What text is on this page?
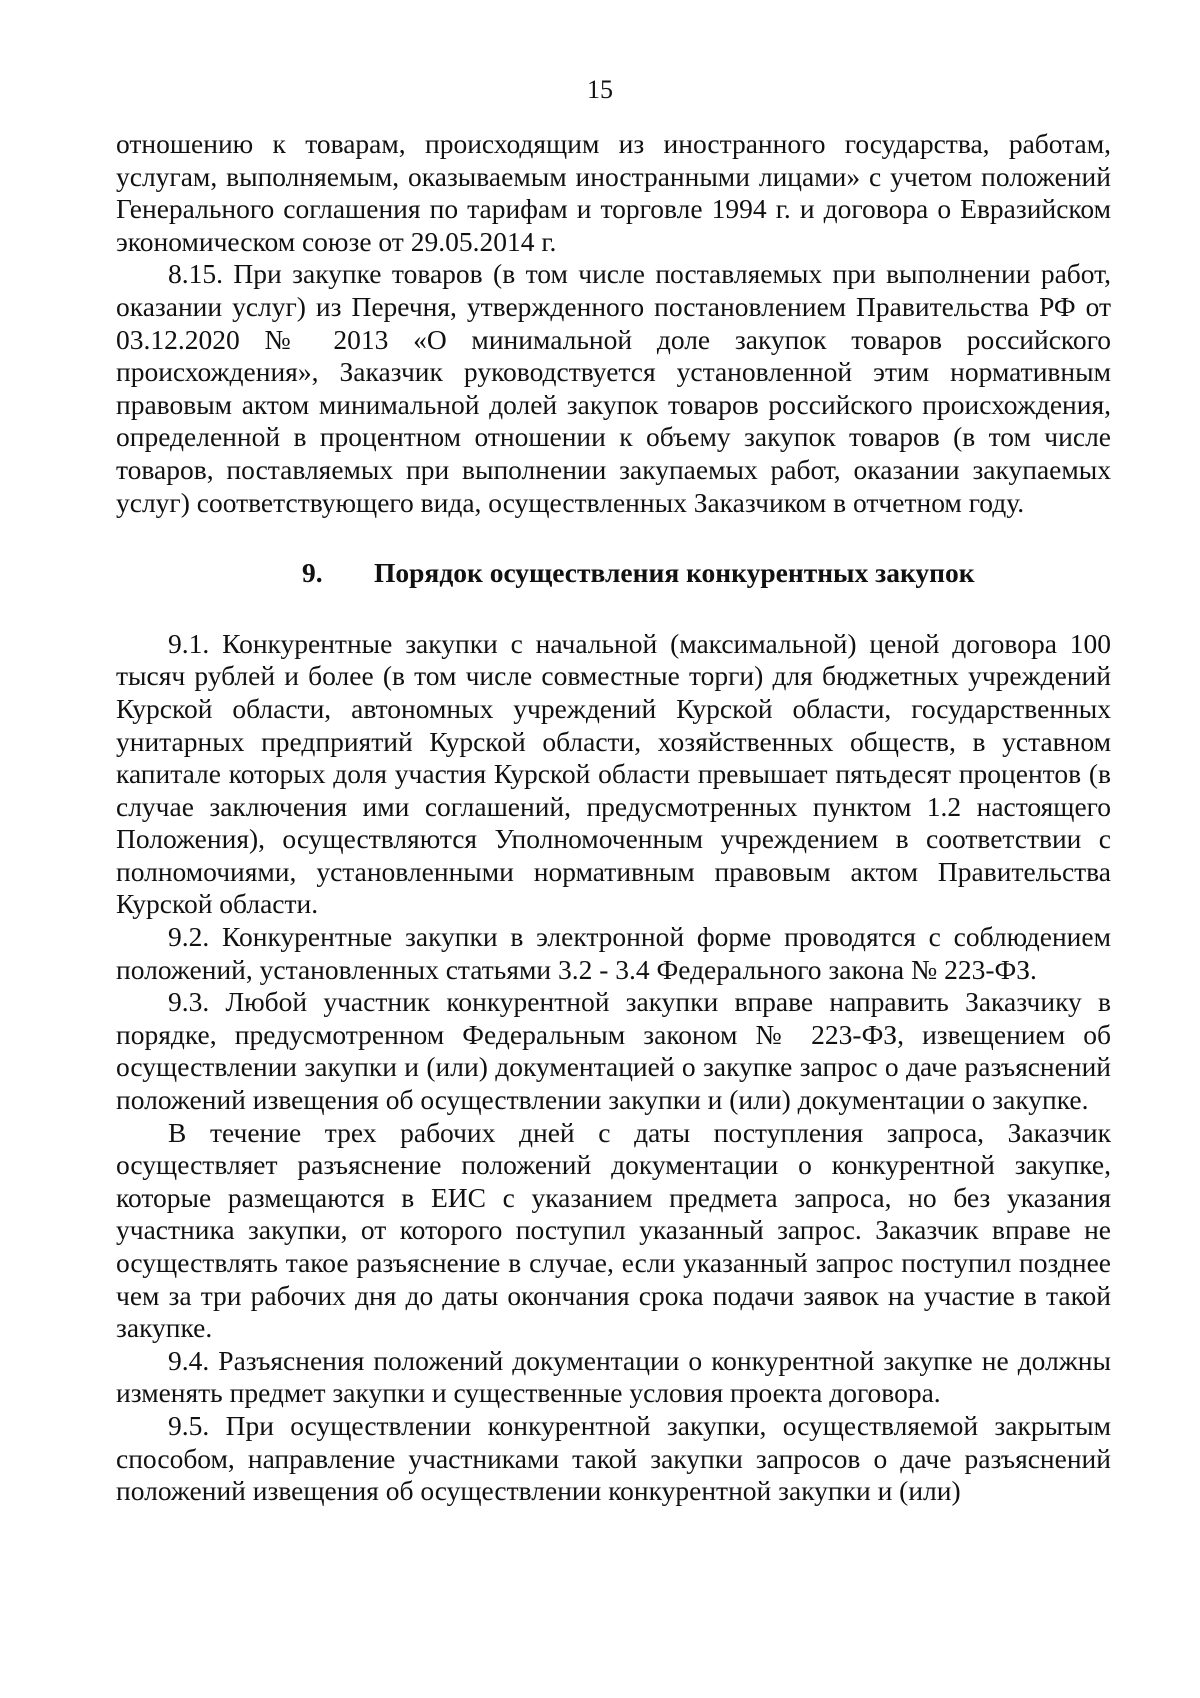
15

отношению к товарам, происходящим из иностранного государства, работам, услугам, выполняемым, оказываемым иностранными лицами» с учетом положений Генерального соглашения по тарифам и торговле 1994 г. и договора о Евразийском экономическом союзе от 29.05.2014 г.

8.15. При закупке товаров (в том числе поставляемых при выполнении работ, оказании услуг) из Перечня, утвержденного постановлением Правительства РФ от 03.12.2020 № 2013 «О минимальной доле закупок товаров российского происхождения», Заказчик руководствуется установленной этим нормативным правовым актом минимальной долей закупок товаров российского происхождения, определенной в процентном отношении к объему закупок товаров (в том числе товаров, поставляемых при выполнении закупаемых работ, оказании закупаемых услуг) соответствующего вида, осуществленных Заказчиком в отчетном году.

9. Порядок осуществления конкурентных закупок

9.1. Конкурентные закупки с начальной (максимальной) ценой договора 100 тысяч рублей и более (в том числе совместные торги) для бюджетных учреждений Курской области, автономных учреждений Курской области, государственных унитарных предприятий Курской области, хозяйственных обществ, в уставном капитале которых доля участия Курской области превышает пятьдесят процентов (в случае заключения ими соглашений, предусмотренных пунктом 1.2 настоящего Положения), осуществляются Уполномоченным учреждением в соответствии с полномочиями, установленными нормативным правовым актом Правительства Курской области.

9.2. Конкурентные закупки в электронной форме проводятся с соблюдением положений, установленных статьями 3.2 - 3.4 Федерального закона № 223-ФЗ.

9.3. Любой участник конкурентной закупки вправе направить Заказчику в порядке, предусмотренном Федеральным законом № 223-ФЗ, извещением об осуществлении закупки и (или) документацией о закупке запрос о даче разъяснений положений извещения об осуществлении закупки и (или) документации о закупке.

В течение трех рабочих дней с даты поступления запроса, Заказчик осуществляет разъяснение положений документации о конкурентной закупке, которые размещаются в ЕИС с указанием предмета запроса, но без указания участника закупки, от которого поступил указанный запрос. Заказчик вправе не осуществлять такое разъяснение в случае, если указанный запрос поступил позднее чем за три рабочих дня до даты окончания срока подачи заявок на участие в такой закупке.

9.4. Разъяснения положений документации о конкурентной закупке не должны изменять предмет закупки и существенные условия проекта договора.

9.5. При осуществлении конкурентной закупки, осуществляемой закрытым способом, направление участниками такой закупки запросов о даче разъяснений положений извещения об осуществлении конкурентной закупки и (или)
